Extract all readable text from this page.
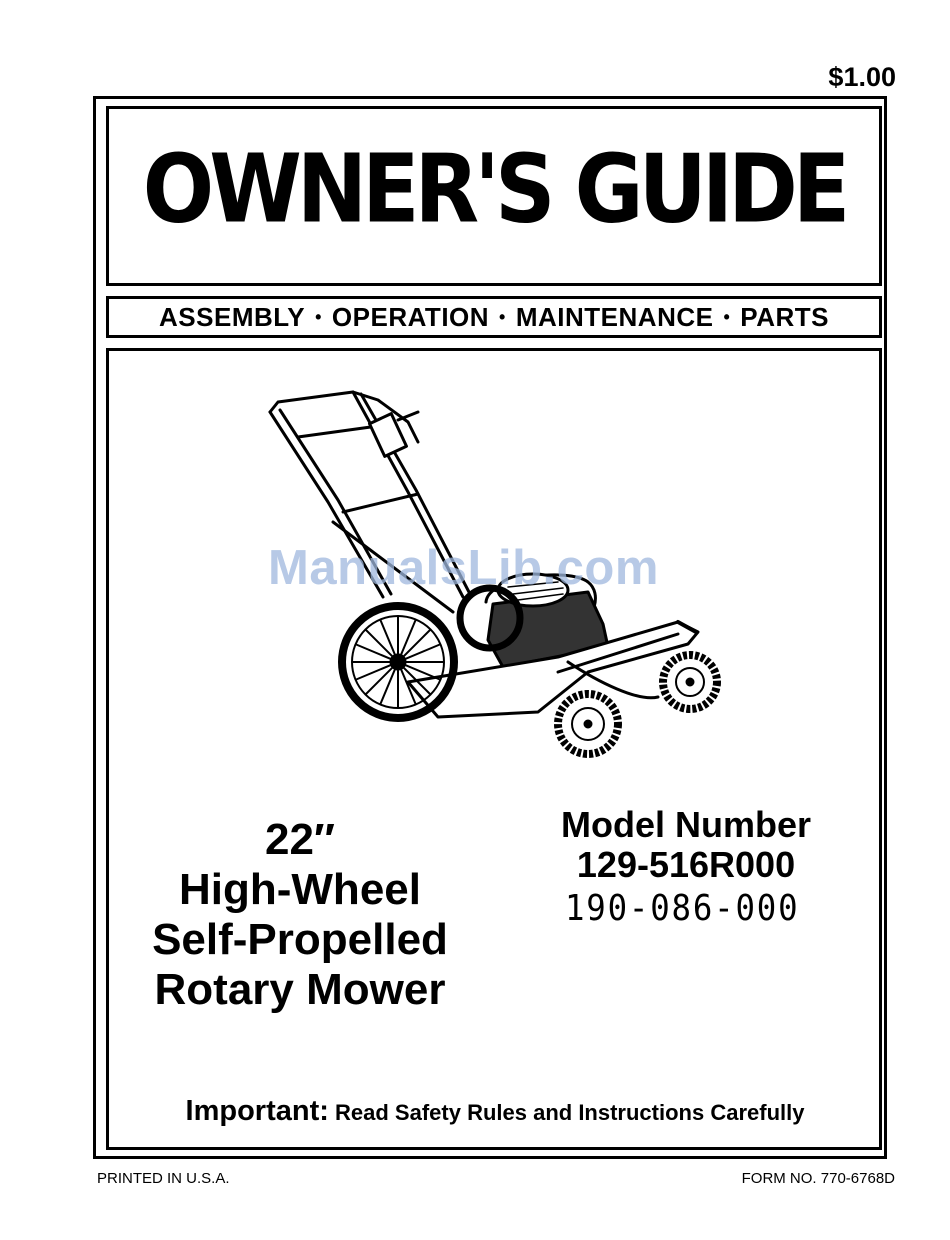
$1.00
OWNER'S GUIDE
ASSEMBLY • OPERATION • MAINTENANCE • PARTS
ManualsLib.com
22″
High-Wheel
Self-Propelled
Rotary Mower
Model Number
129-516R000
190-086-000
Important: Read Safety Rules and Instructions Carefully
PRINTED IN U.S.A.	FORM NO. 770-6768D
